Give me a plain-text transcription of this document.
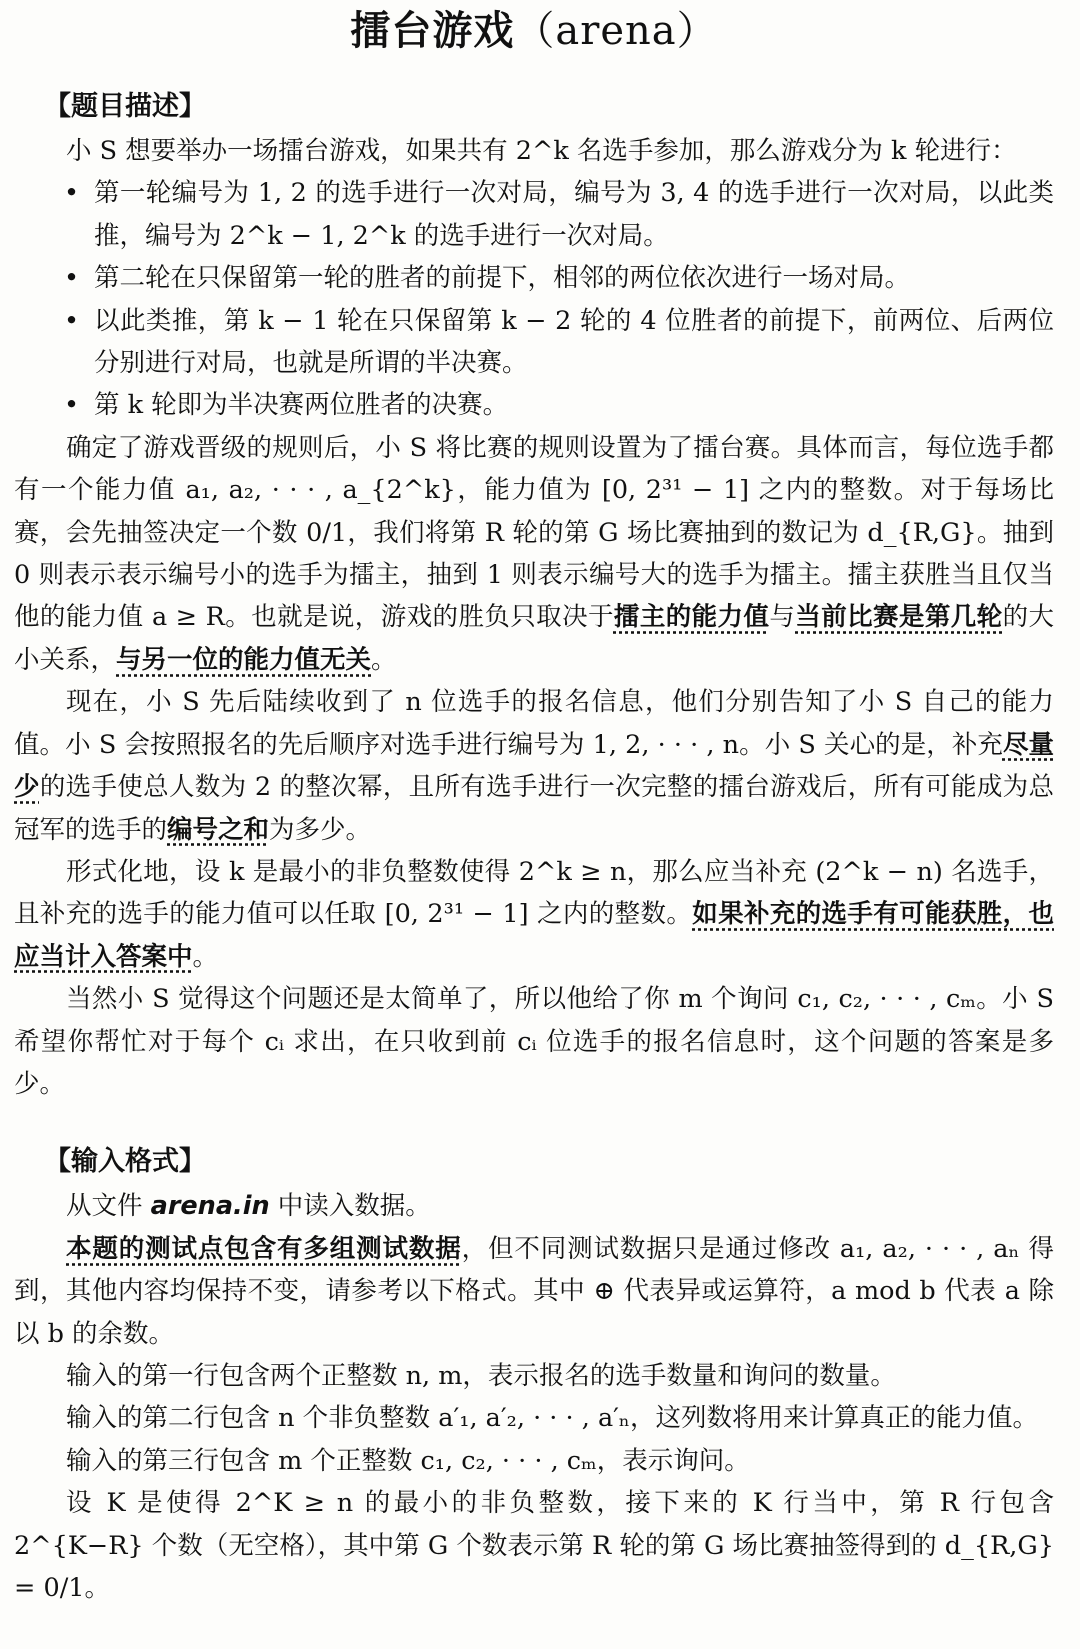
擂台游戏（arena）
【题目描述】

小 S 想要举办一场擂台游戏，如果共有 2^k 名选手参加，那么游戏分为 k 轮进行：

• 第一轮编号为 1, 2 的选手进行一次对局，编号为 3, 4 的选手进行一次对局，以此类推，编号为 2^k − 1, 2^k 的选手进行一次对局。
• 第二轮在只保留第一轮的胜者的前提下，相邻的两位依次进行一场对局。
• 以此类推，第 k − 1 轮在只保留第 k − 2 轮的 4 位胜者的前提下，前两位、后两位分别进行对局，也就是所谓的半决赛。
• 第 k 轮即为半决赛两位胜者的决赛。

确定了游戏晋级的规则后，小 S 将比赛的规则设置为了擂台赛。具体而言，每位选手都有一个能力值 a₁, a₂, · · · , a_{2^k}，能力值为 [0, 2³¹ − 1] 之内的整数。对于每场比赛，会先抽签决定一个数 0/1，我们将第 R 轮的第 G 场比赛抽到的数记为 d_{R,G}。抽到 0 则表示表示编号小的选手为擂主，抽到 1 则表示编号大的选手为擂主。擂主获胜当且仅当他的能力值 a ≥ R。也就是说，游戏的胜负只取决于擂主的能力值与当前比赛是第几轮的大小关系，与另一位的能力值无关。

现在，小 S 先后陆续收到了 n 位选手的报名信息，他们分别告知了小 S 自己的能力值。小 S 会按照报名的先后顺序对选手进行编号为 1, 2, · · · , n。小 S 关心的是，补充尽量少的选手使总人数为 2 的整次幂，且所有选手进行一次完整的擂台游戏后，所有可能成为总冠军的选手的编号之和为多少。

形式化地，设 k 是最小的非负整数使得 2^k ≥ n，那么应当补充 (2^k − n) 名选手，且补充的选手的能力值可以任取 [0, 2³¹ − 1] 之内的整数。如果补充的选手有可能获胜，也应当计入答案中。

当然小 S 觉得这个问题还是太简单了，所以他给了你 m 个询问 c₁, c₂, · · · , cₘ。小 S 希望你帮忙对于每个 cᵢ 求出，在只收到前 cᵢ 位选手的报名信息时，这个问题的答案是多少。

【输入格式】

从文件 arena.in 中读入数据。

本题的测试点包含有多组测试数据，但不同测试数据只是通过修改 a₁, a₂, · · · , aₙ 得到，其他内容均保持不变，请参考以下格式。其中 ⊕ 代表异或运算符，a mod b 代表 a 除以 b 的余数。

输入的第一行包含两个正整数 n, m，表示报名的选手数量和询问的数量。

输入的第二行包含 n 个非负整数 a′₁, a′₂, · · · , a′ₙ，这列数将用来计算真正的能力值。

输入的第三行包含 m 个正整数 c₁, c₂, · · · , cₘ，表示询问。

设 K 是使得 2^K ≥ n 的最小的非负整数，接下来的 K 行当中，第 R 行包含 2^{K−R} 个数（无空格），其中第 G 个数表示第 R 轮的第 G 场比赛抽签得到的 d_{R,G} = 0/1。
